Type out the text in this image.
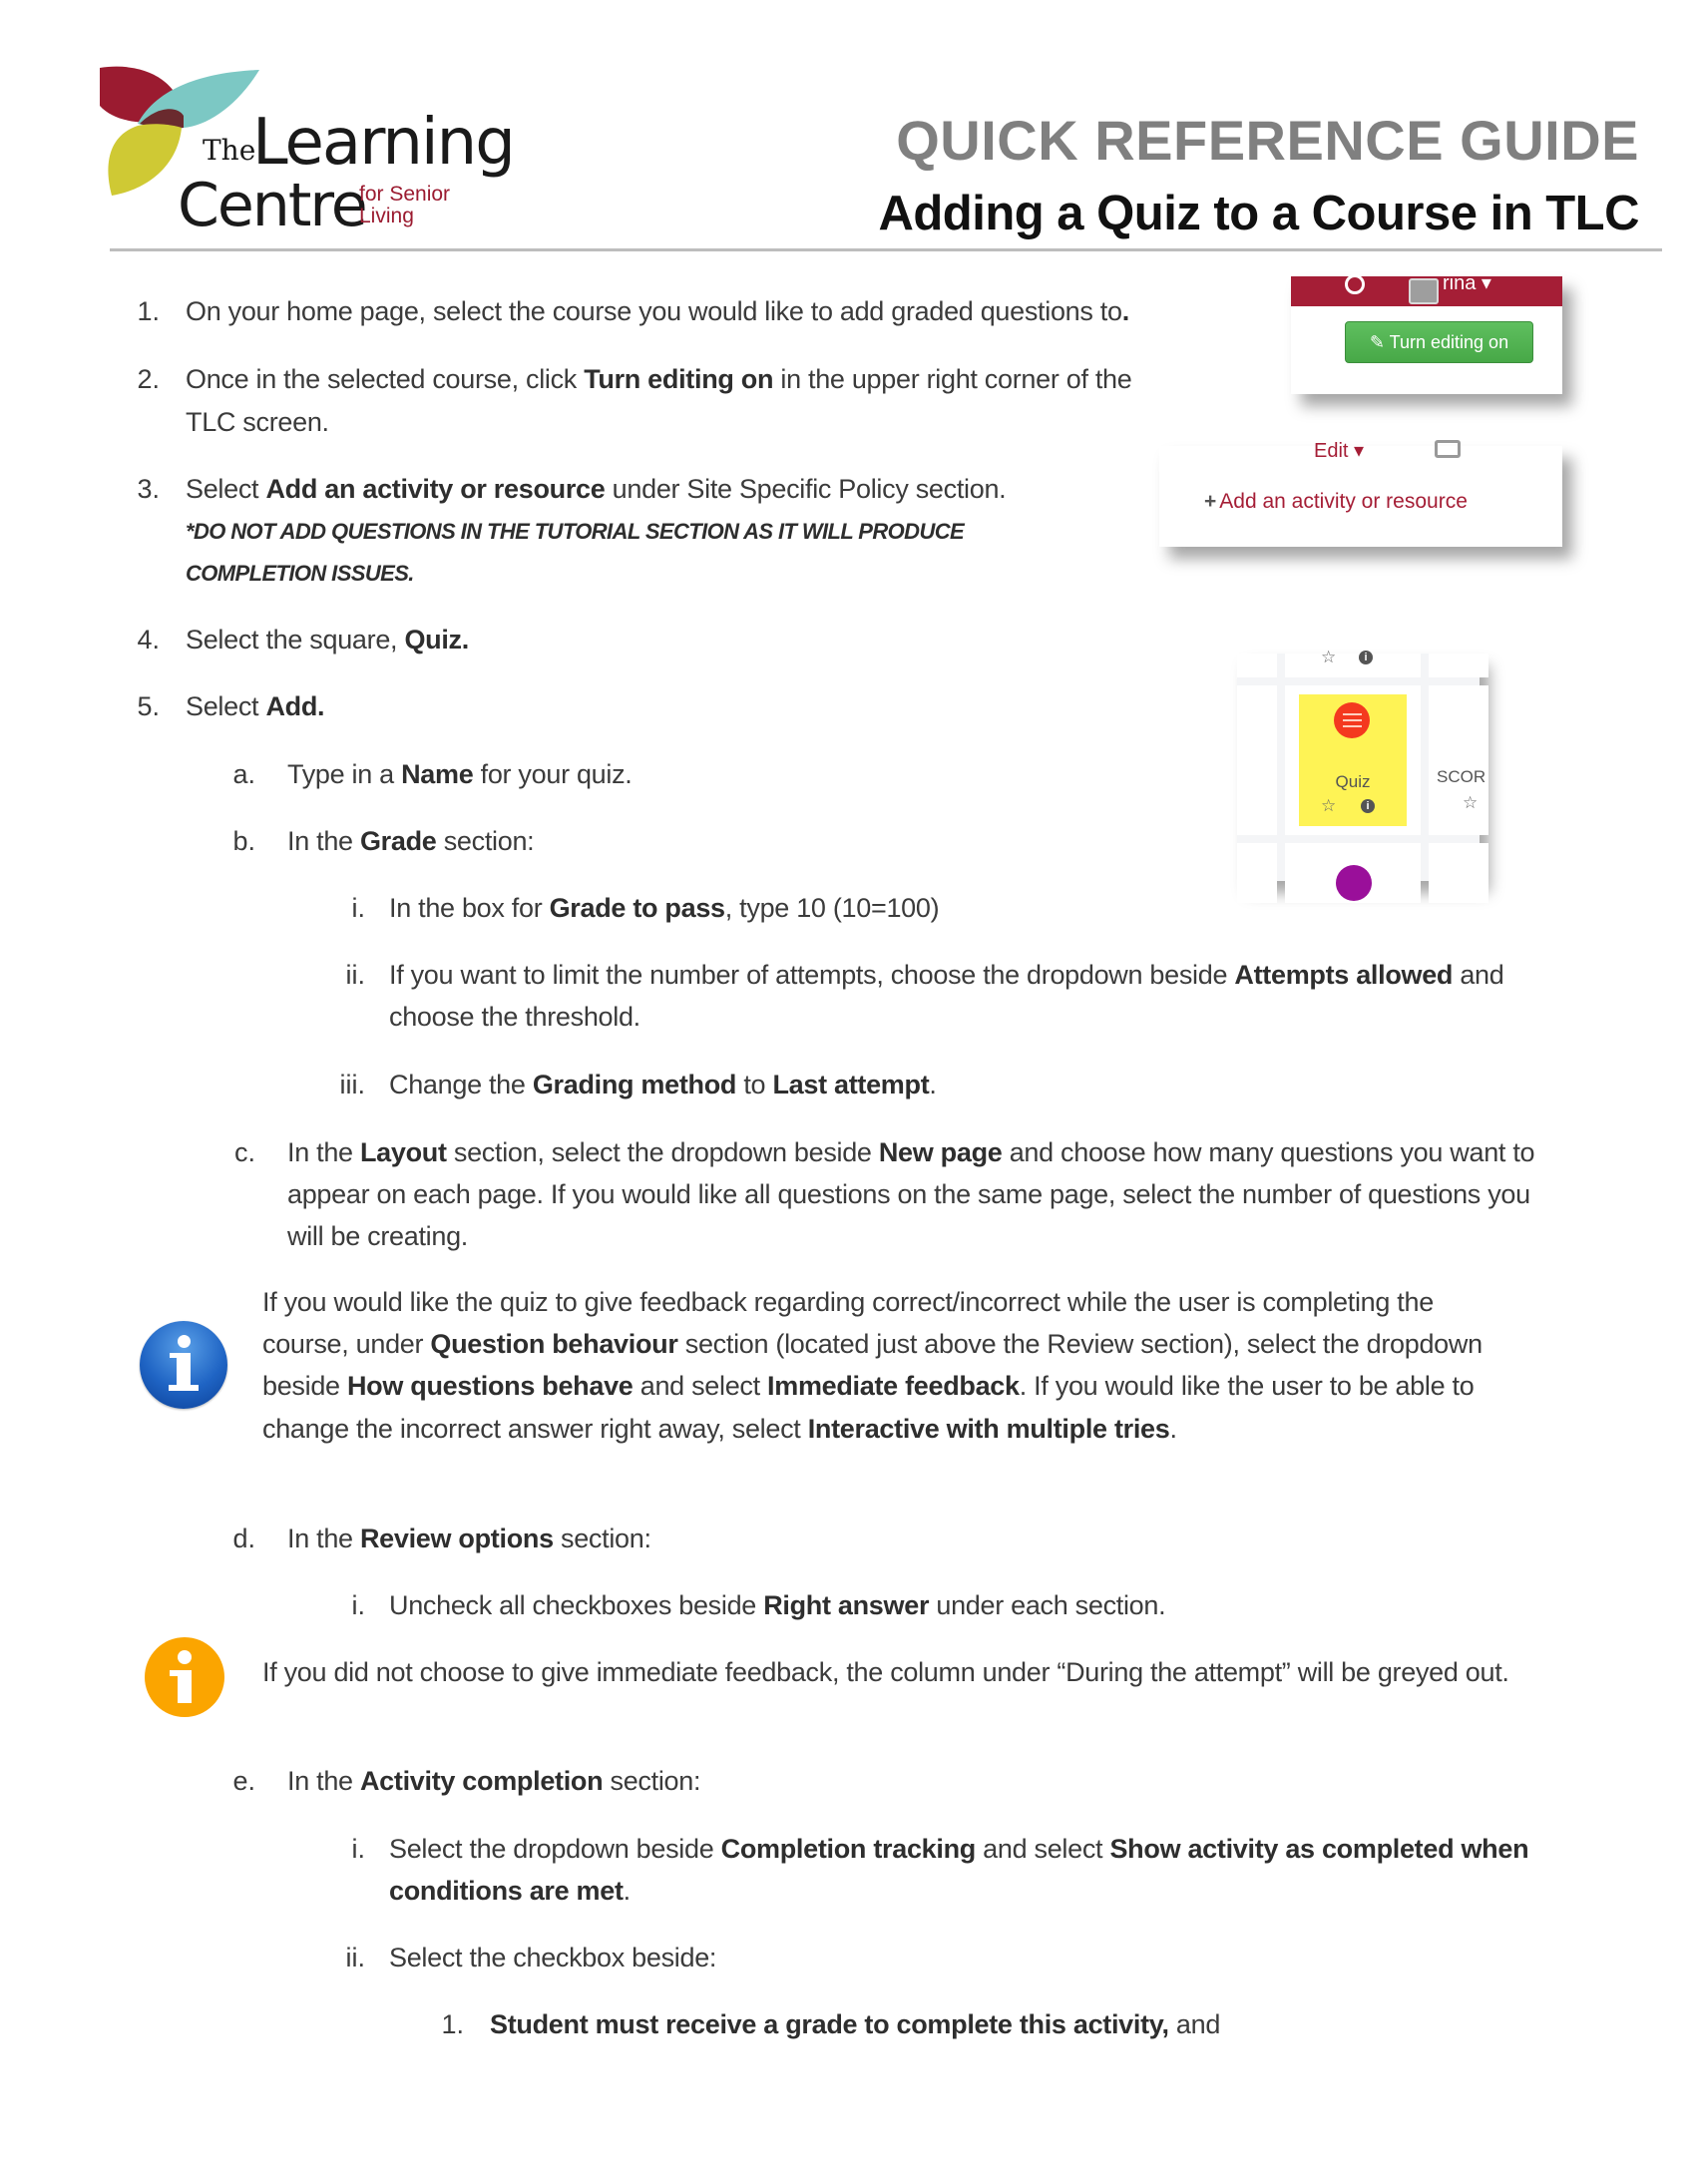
The
Learning
Centre
for Senior
Living
QUICK REFERENCE GUIDE
Adding a Quiz to a Course in TLC
rina ▾
✎ Turn editing on
Edit ▾
+ Add an activity or resource
☆	i
Quiz
☆	i
SCOR
☆
1. On your home page, select the course you would like to add graded questions to.
2. Once in the selected course, click Turn editing on in the upper right corner of the
TLC screen.
3. Select Add an activity or resource under Site Specific Policy section.
*DO NOT ADD QUESTIONS IN THE TUTORIAL SECTION AS IT WILL PRODUCE
COMPLETION ISSUES.
4. Select the square, Quiz.
5. Select Add.
a. Type in a Name for your quiz.
b. In the Grade section:
i. In the box for Grade to pass, type 10 (10=100)
ii. If you want to limit the number of attempts, choose the dropdown beside Attempts allowed and
choose the threshold.
iii. Change the Grading method to Last attempt.
c. In the Layout section, select the dropdown beside New page and choose how many questions you want to
appear on each page. If you would like all questions on the same page, select the number of questions you
will be creating.
If you would like the quiz to give feedback regarding correct/incorrect while the user is completing the
course, under Question behaviour section (located just above the Review section), select the dropdown
beside How questions behave and select Immediate feedback. If you would like the user to be able to
change the incorrect answer right away, select Interactive with multiple tries.
d. In the Review options section:
i. Uncheck all checkboxes beside Right answer under each section.
If you did not choose to give immediate feedback, the column under “During the attempt” will be greyed out.
e. In the Activity completion section:
i. Select the dropdown beside Completion tracking and select Show activity as completed when
conditions are met.
ii. Select the checkbox beside:
1. Student must receive a grade to complete this activity, and
